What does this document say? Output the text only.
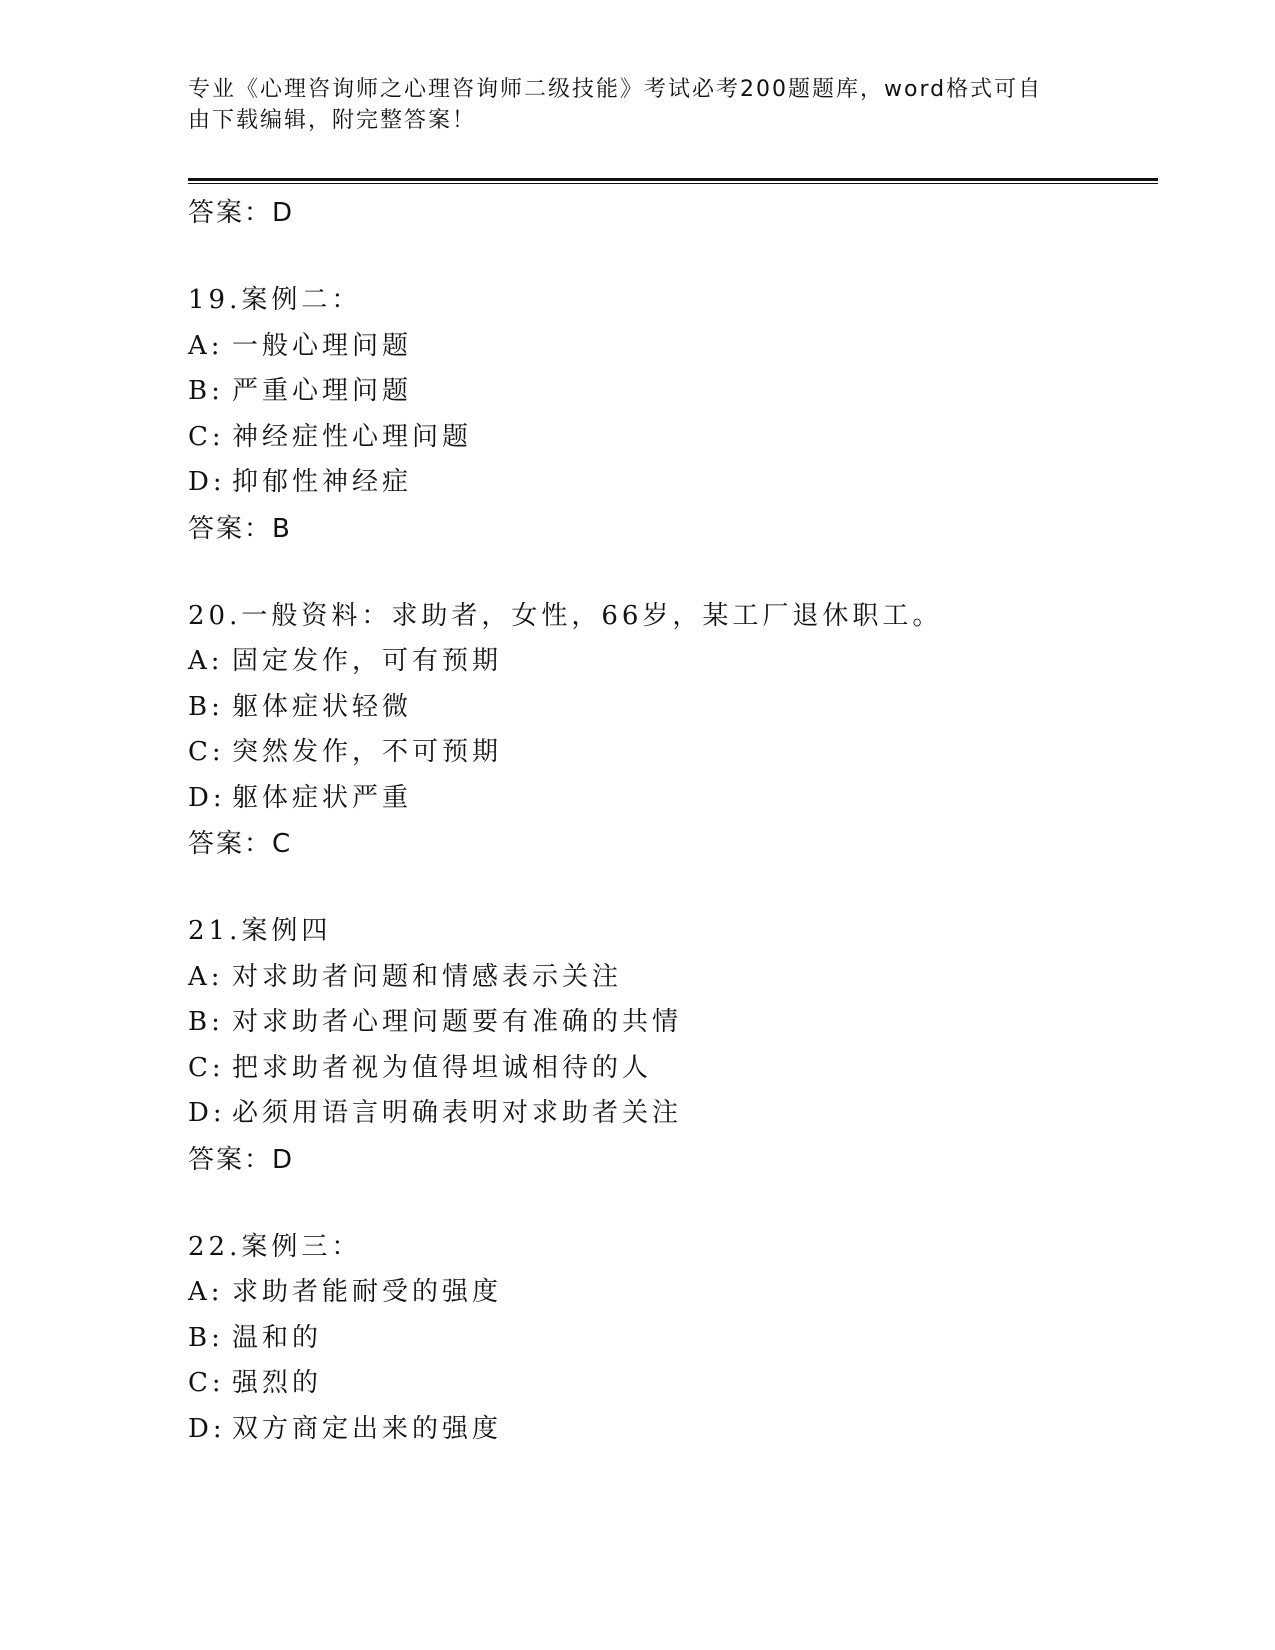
专业《心理咨询师之心理咨询师二级技能》考试必考200题题库，word格式可自
由下载编辑，附完整答案！
答案：D
19.案例二：
A: 一般心理问题
B: 严重心理问题
C: 神经症性心理问题
D: 抑郁性神经症
答案：B
20.一般资料：求助者，女性，66岁，某工厂退休职工。
A: 固定发作，可有预期
B: 躯体症状轻微
C: 突然发作，不可预期
D: 躯体症状严重
答案：C
21.案例四
A: 对求助者问题和情感表示关注
B: 对求助者心理问题要有准确的共情
C: 把求助者视为值得坦诚相待的人
D: 必须用语言明确表明对求助者关注
答案：D
22.案例三：
A: 求助者能耐受的强度
B: 温和的
C: 强烈的
D: 双方商定出来的强度
